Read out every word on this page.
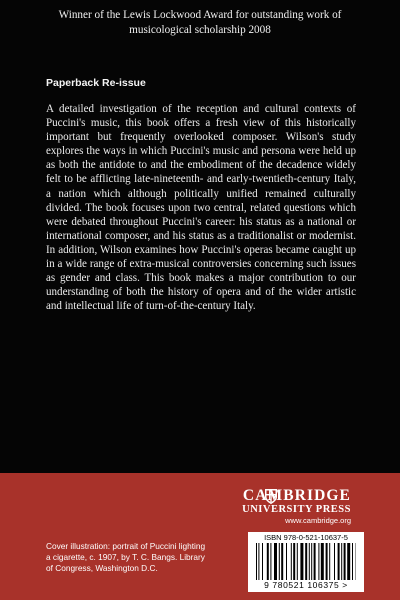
Winner of the Lewis Lockwood Award for outstanding work of
musicological scholarship 2008
Paperback Re-issue
A detailed investigation of the reception and cultural contexts of Puccini's music, this book offers a fresh view of this historically important but frequently overlooked composer. Wilson's study explores the ways in which Puccini's music and persona were held up as both the antidote to and the embodiment of the decadence widely felt to be afflicting late-nineteenth- and early-twentieth-century Italy, a nation which although politically unified remained culturally divided. The book focuses upon two central, related questions which were debated throughout Puccini's career: his status as a national or international composer, and his status as a traditionalist or modernist. In addition, Wilson examines how Puccini's operas became caught up in a wide range of extra-musical controversies concerning such issues as gender and class. This book makes a major contribution to our understanding of both the history of opera and of the wider artistic and intellectual life of turn-of-the-century Italy.
CAMBRIDGE
UNIVERSITY PRESS
www.cambridge.org
Cover illustration: portrait of Puccini lighting a cigarette, c. 1907, by T. C. Bangs. Library of Congress, Washington D.C.
ISBN 978-0-521-10637-5
9 780521 106375 >
